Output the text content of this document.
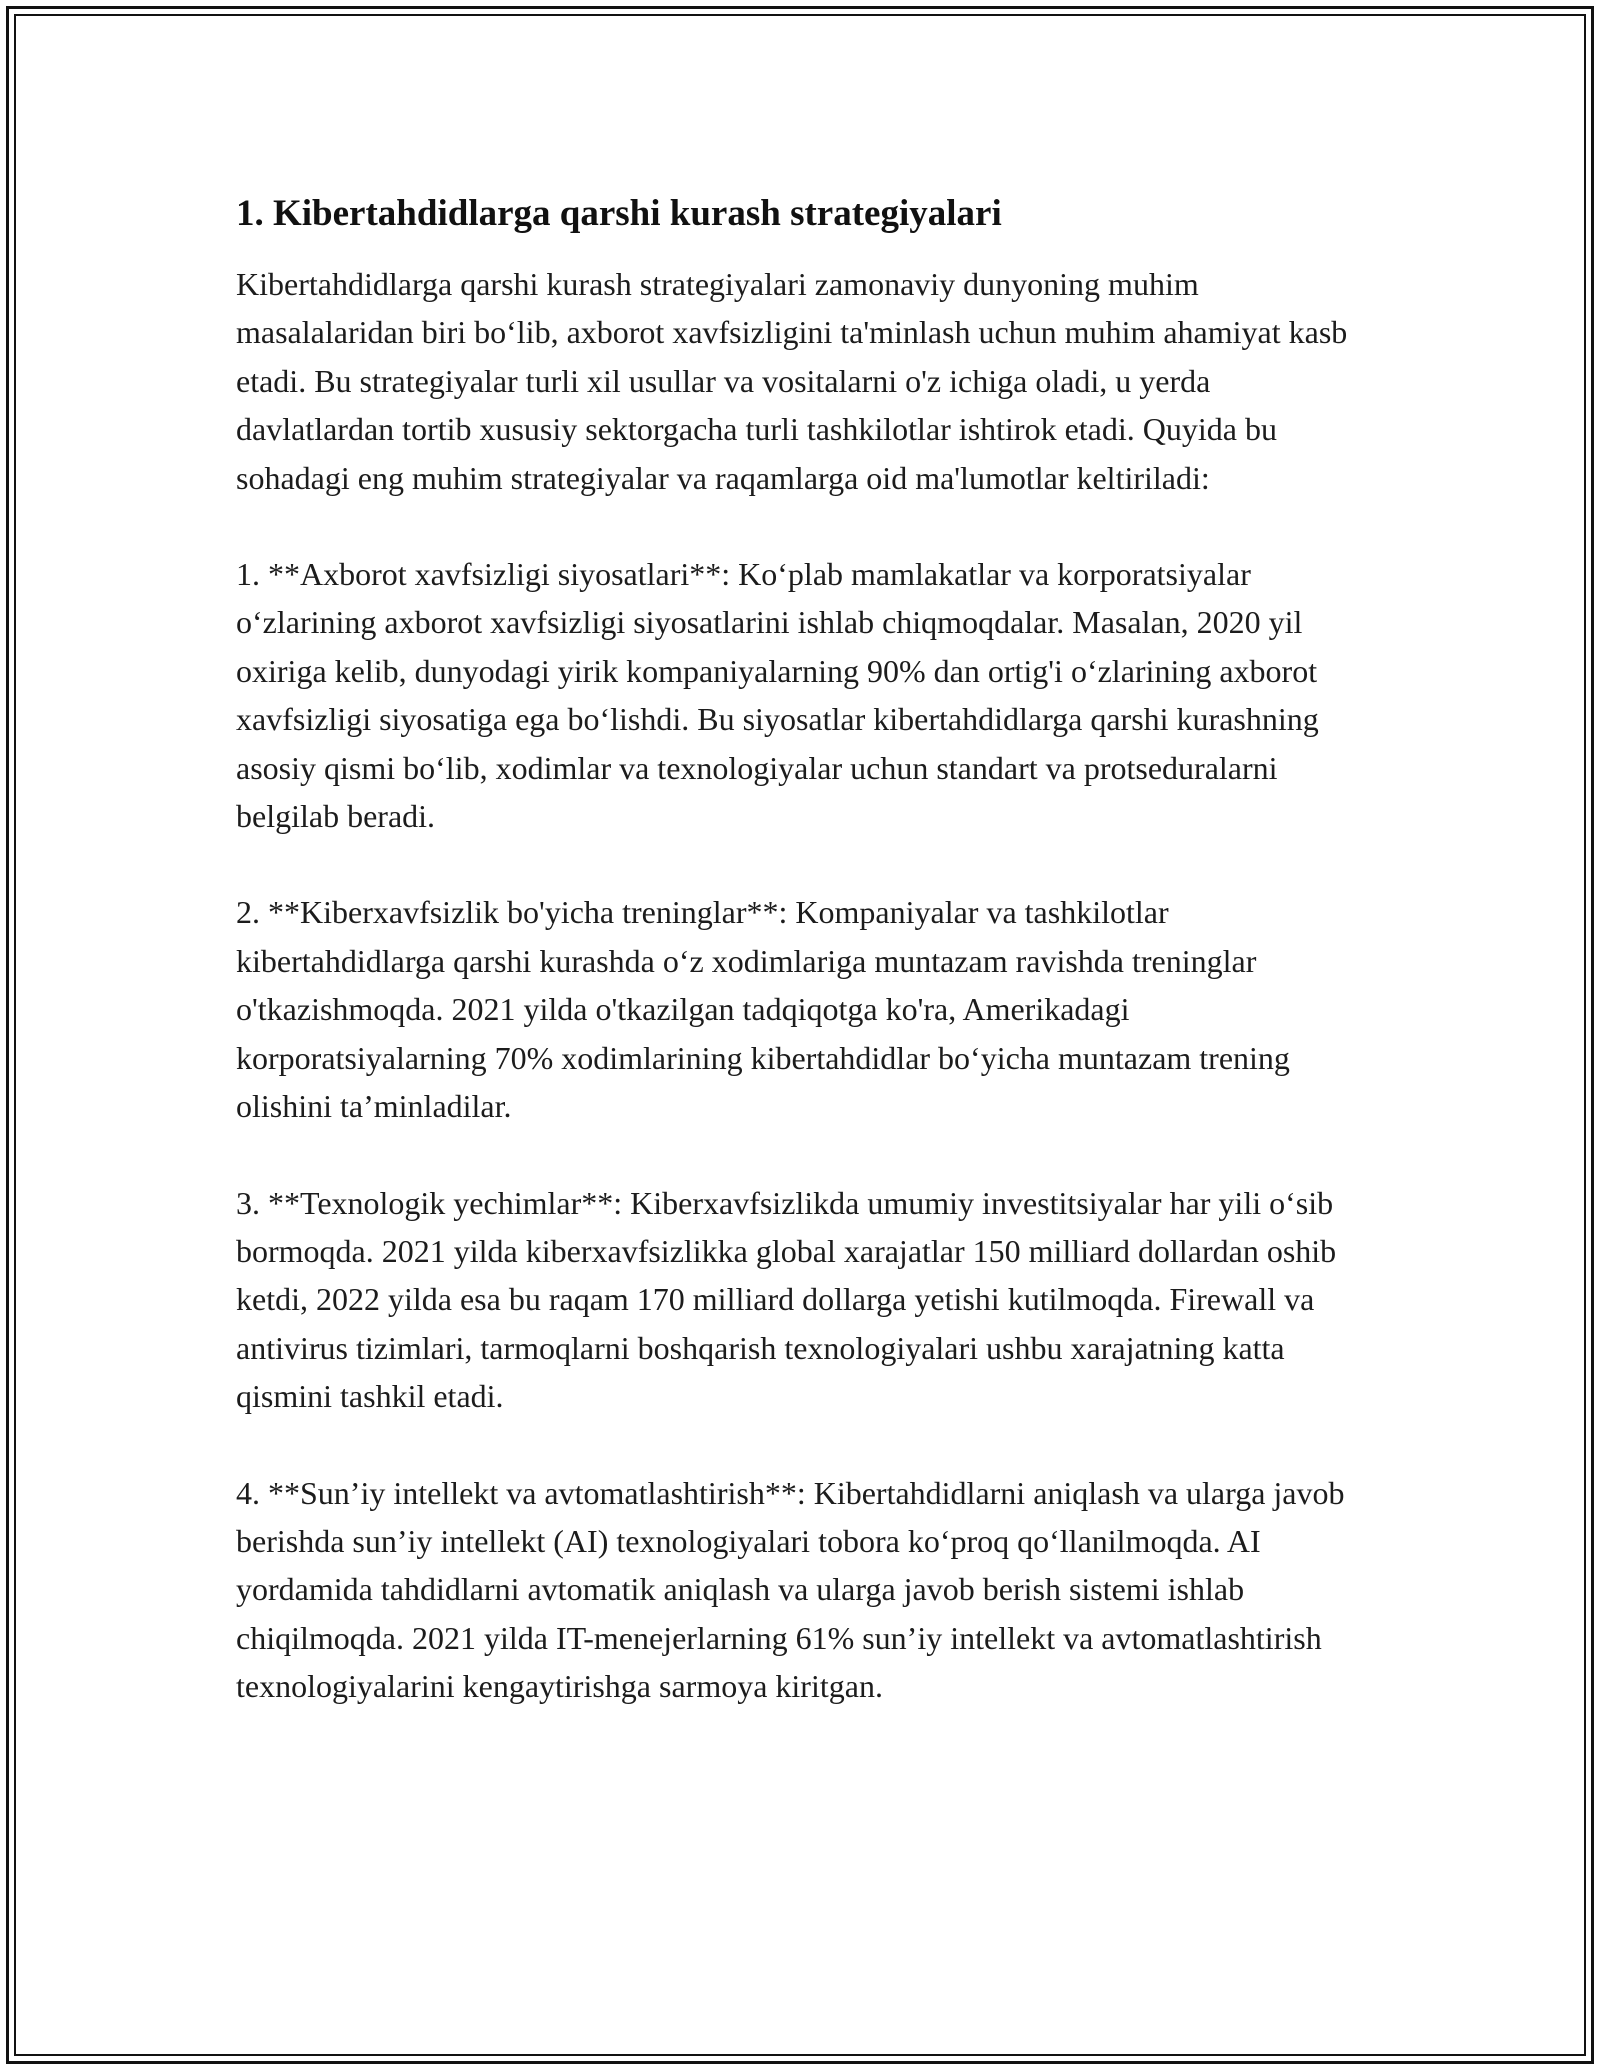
1. Kibertahdidlarga qarshi kurash strategiyalari

Kibertahdidlarga qarshi kurash strategiyalari zamonaviy dunyoning muhim masalalaridan biri boʻlib, axborot xavfsizligini ta'minlash uchun muhim ahamiyat kasb etadi. Bu strategiyalar turli xil usullar va vositalarni o'z ichiga oladi, u yerda davlatlardan tortib xususiy sektorgacha turli tashkilotlar ishtirok etadi. Quyida bu sohadagi eng muhim strategiyalar va raqamlarga oid ma'lumotlar keltiriladi:

1. **Axborot xavfsizligi siyosatlari**: Koʻplab mamlakatlar va korporatsiyalar oʻzlarining axborot xavfsizligi siyosatlarini ishlab chiqmoqdalar. Masalan, 2020 yil oxiriga kelib, dunyodagi yirik kompaniyalarning 90% dan ortig'i oʻzlarining axborot xavfsizligi siyosatiga ega boʻlishdi. Bu siyosatlar kibertahdidlarga qarshi kurashning asosiy qismi boʻlib, xodimlar va texnologiyalar uchun standart va protseduralarni belgilab beradi.

2. **Kiberxavfsizlik bo'yicha treninglar**: Kompaniyalar va tashkilotlar kibertahdidlarga qarshi kurashda oʻz xodimlariga muntazam ravishda treninglar o'tkazishmoqda. 2021 yilda o'tkazilgan tadqiqotga ko'ra, Amerikadagi korporatsiyalarning 70% xodimlarining kibertahdidlar boʻyicha muntazam trening olishini ta’minladilar.

3. **Texnologik yechimlar**: Kiberxavfsizlikda umumiy investitsiyalar har yili oʻsib bormoqda. 2021 yilda kiberxavfsizlikka global xarajatlar 150 milliard dollardan oshib ketdi, 2022 yilda esa bu raqam 170 milliard dollarga yetishi kutilmoqda. Firewall va antivirus tizimlari, tarmoqlarni boshqarish texnologiyalari ushbu xarajatning katta qismini tashkil etadi.

4. **Sun’iy intellekt va avtomatlashtirish**: Kibertahdidlarni aniqlash va ularga javob berishda sun’iy intellekt (AI) texnologiyalari tobora koʻproq qoʻllanilmoqda. AI yordamida tahdidlarni avtomatik aniqlash va ularga javob berish sistemi ishlab chiqilmoqda. 2021 yilda IT-menejerlarning 61% sun’iy intellekt va avtomatlashtirish texnologiyalarini kengaytirishga sarmoya kiritgan.
